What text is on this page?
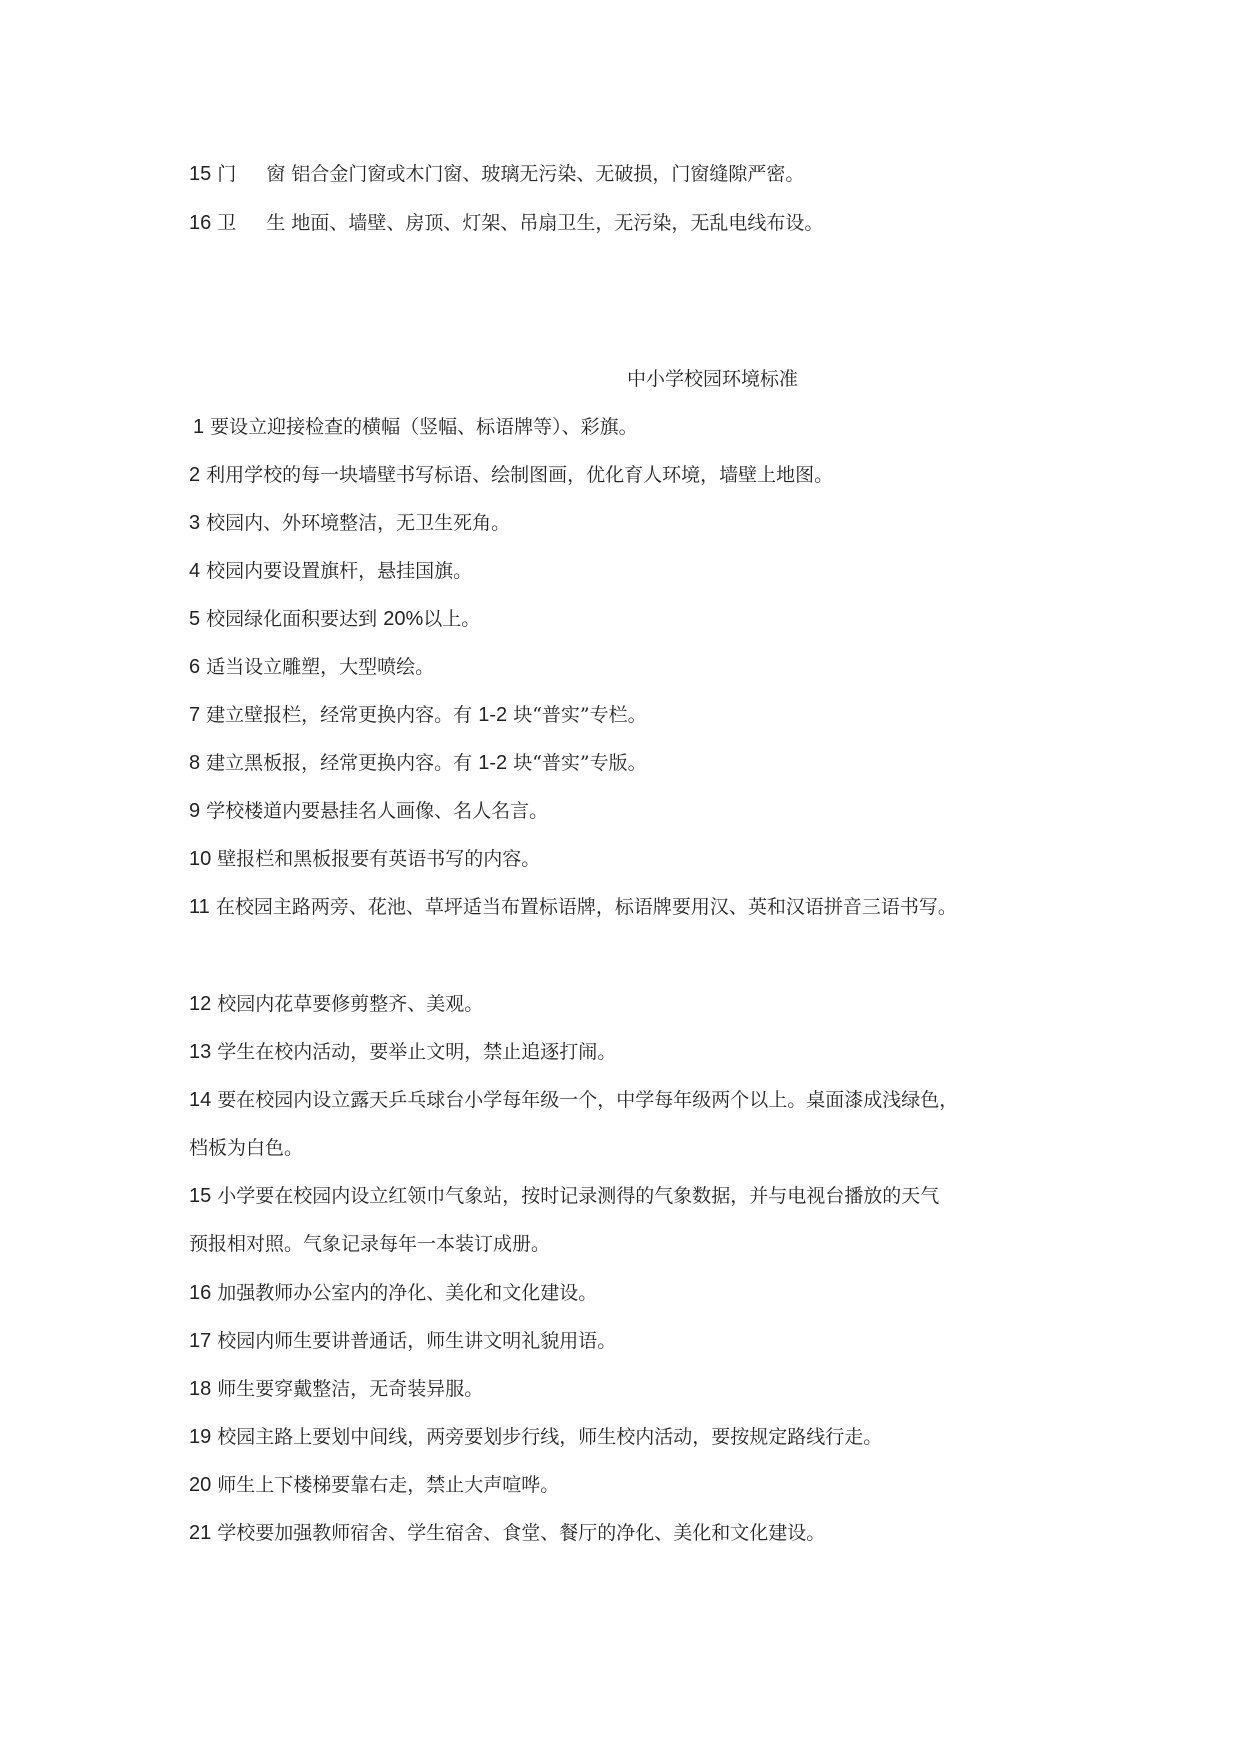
15 门 窗 铝合金门窗或木门窗、玻璃无污染、无破损，门窗缝隙严密。
16 卫 生 地面、墙壁、房顶、灯架、吊扇卫生，无污染，无乱电线布设。
中小学校园环境标准
1 要设立迎接检查的横幅（竖幅、标语牌等）、彩旗。
2 利用学校的每一块墙壁书写标语、绘制图画，优化育人环境，墙壁上地图。
3 校园内、外环境整洁，无卫生死角。
4 校园内要设置旗杆，悬挂国旗。
5 校园绿化面积要达到 20%以上。
6 适当设立雕塑，大型喷绘。
7 建立壁报栏，经常更换内容。有 1-2 块“普实”专栏。
8 建立黑板报，经常更换内容。有 1-2 块“普实”专版。
9 学校楼道内要悬挂名人画像、名人名言。
10 壁报栏和黑板报要有英语书写的内容。
11 在校园主路两旁、花池、草坪适当布置标语牌，标语牌要用汉、英和汉语拼音三语书写。
12 校园内花草要修剪整齐、美观。
13 学生在校内活动，要举止文明，禁止追逐打闹。
14 要在校园内设立露天乒乓球台小学每年级一个，中学每年级两个以上。桌面漆成浅绿色，
档板为白色。
15 小学要在校园内设立红领巾气象站，按时记录测得的气象数据，并与电视台播放的天气
预报相对照。气象记录每年一本装订成册。
16 加强教师办公室内的净化、美化和文化建设。
17 校园内师生要讲普通话，师生讲文明礼貌用语。
18 师生要穿戴整洁，无奇装异服。
19 校园主路上要划中间线，两旁要划步行线，师生校内活动，要按规定路线行走。
20 师生上下楼梯要靠右走，禁止大声喧哗。
21 学校要加强教师宿舍、学生宿舍、食堂、餐厅的净化、美化和文化建设。
